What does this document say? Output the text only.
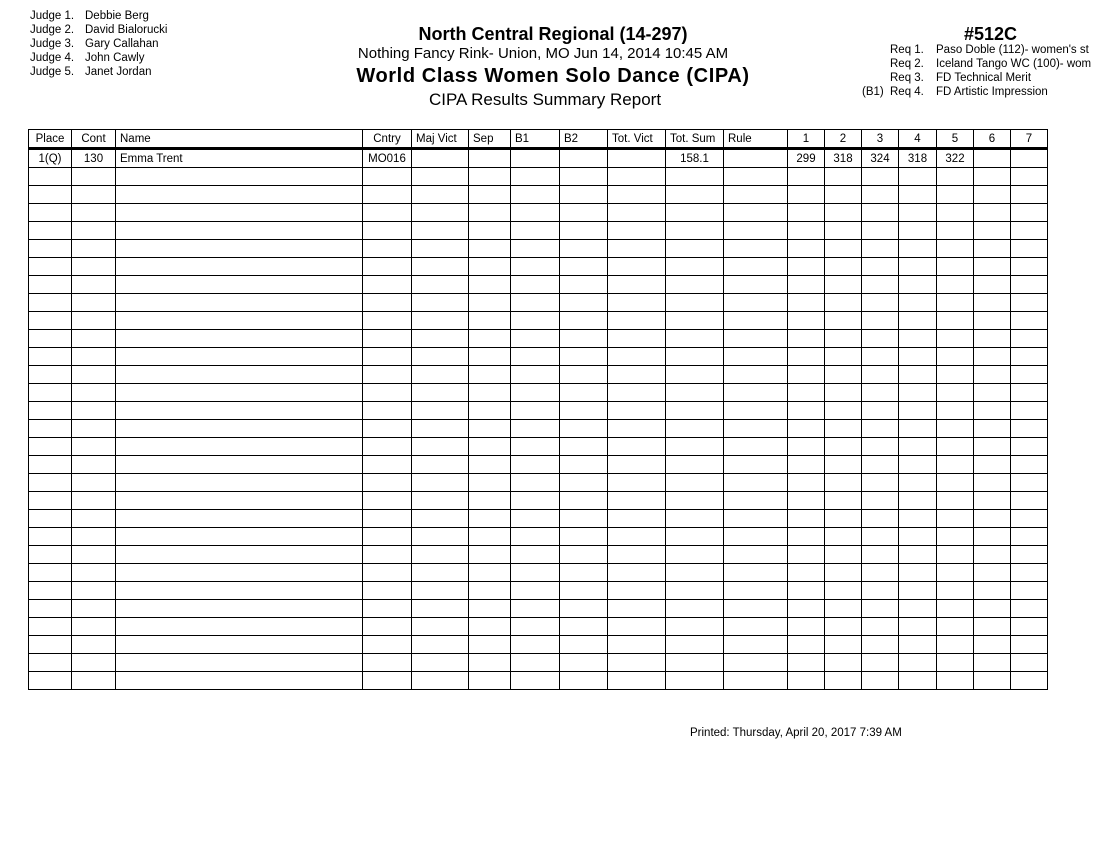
Judge 1. Debbie Berg
Judge 2. David Bialorucki
Judge 3. Gary Callahan
Judge 4. John Cawly
Judge 5. Janet Jordan
North Central Regional (14-297)
Nothing Fancy Rink- Union, MO Jun 14, 2014 10:45 AM
World Class Women Solo Dance (CIPA)
CIPA Results Summary Report
#512C
Req 1. Paso Doble (112)- women's st
Req 2. Iceland Tango WC (100)- wom
Req 3. FD Technical Merit
(B1) Req 4. FD Artistic Impression
Place	Cont	Name	Cntry	Maj Vict	Sep	B1	B2	Tot. Vict	Tot. Sum	Rule	1	2	3	4	5	6	7
1(Q)	130	Emma Trent	MO016						158.1		299	318	324	318	322		

Printed: Thursday, April 20, 2017 7:39 AM
